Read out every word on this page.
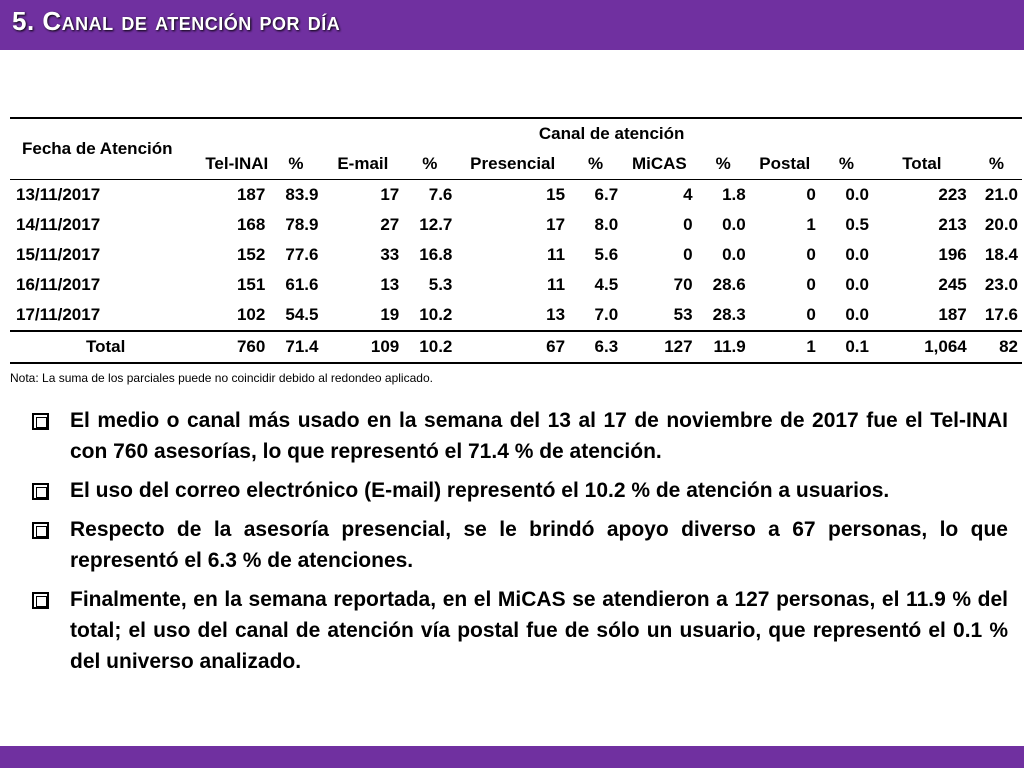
5. Canal de atención por día
Fecha de Atención	Canal de atención											
	Tel-INAI	%	E-mail	%	Presencial	%	MiCAS	%	Postal	%	Total	%
13/11/2017	187	83.9	17	7.6	15	6.7	4	1.8	0	0.0	223	21.0
14/11/2017	168	78.9	27	12.7	17	8.0	0	0.0	1	0.5	213	20.0
15/11/2017	152	77.6	33	16.8	11	5.6	0	0.0	0	0.0	196	18.4
16/11/2017	151	61.6	13	5.3	11	4.5	70	28.6	0	0.0	245	23.0
17/11/2017	102	54.5	19	10.2	13	7.0	53	28.3	0	0.0	187	17.6
Total	760	71.4	109	10.2	67	6.3	127	11.9	1	0.1	1,064	82
Nota: La suma de los parciales puede no coincidir debido al redondeo aplicado.
El medio o canal más usado en la semana del 13 al 17 de noviembre de 2017 fue el Tel-INAI con 760 asesorías, lo que representó el 71.4 % de atención.
El uso del correo electrónico (E-mail) representó el 10.2 % de atención a usuarios.
Respecto de la asesoría presencial, se le brindó apoyo diverso a 67 personas, lo que representó el 6.3 % de atenciones.
Finalmente, en la semana reportada, en el MiCAS se atendieron a 127 personas, el 11.9 % del total; el uso del canal de atención vía postal fue de sólo un usuario, que representó el 0.1 % del universo analizado.
